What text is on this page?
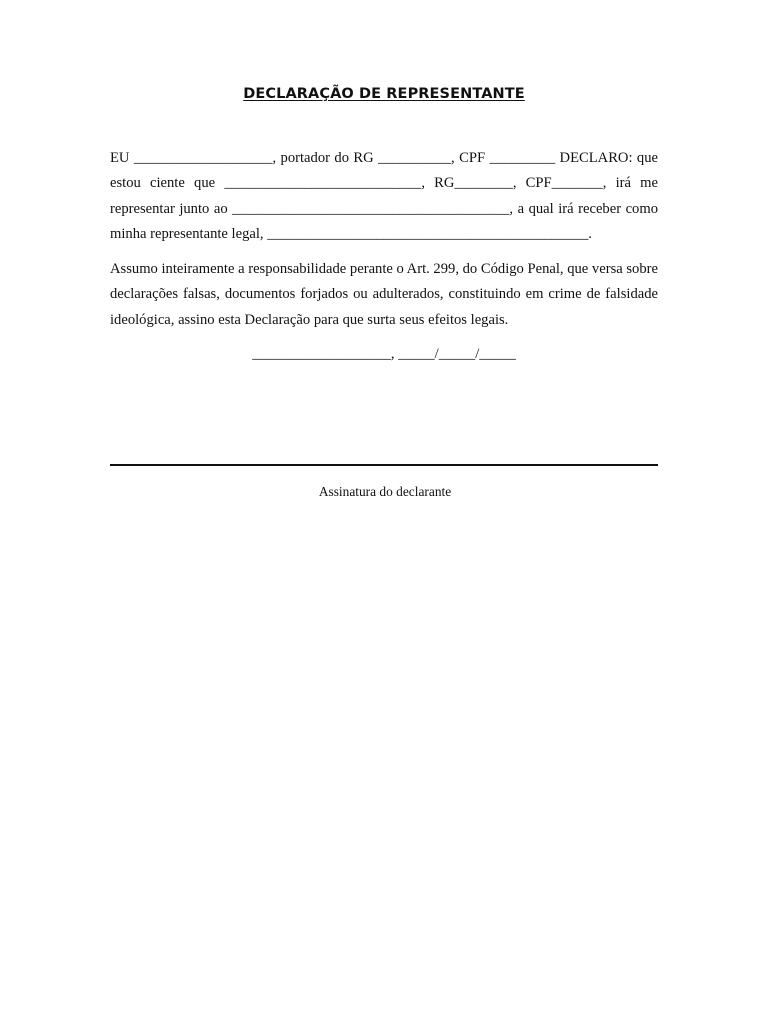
DECLARAÇÃO DE REPRESENTANTE
EU ___________________, portador do RG __________, CPF _________ DECLARO: que estou ciente que ___________________________, RG________, CPF_______, irá me representar junto ao ______________________________________, a qual irá receber como minha representante legal, ____________________________________________.
Assumo inteiramente a responsabilidade perante o Art. 299, do Código Penal, que versa sobre declarações falsas, documentos forjados ou adulterados, constituindo em crime de falsidade ideológica, assino esta Declaração para que surta seus efeitos legais.
___________________, _____/_____/_____
Assinatura do declarante
